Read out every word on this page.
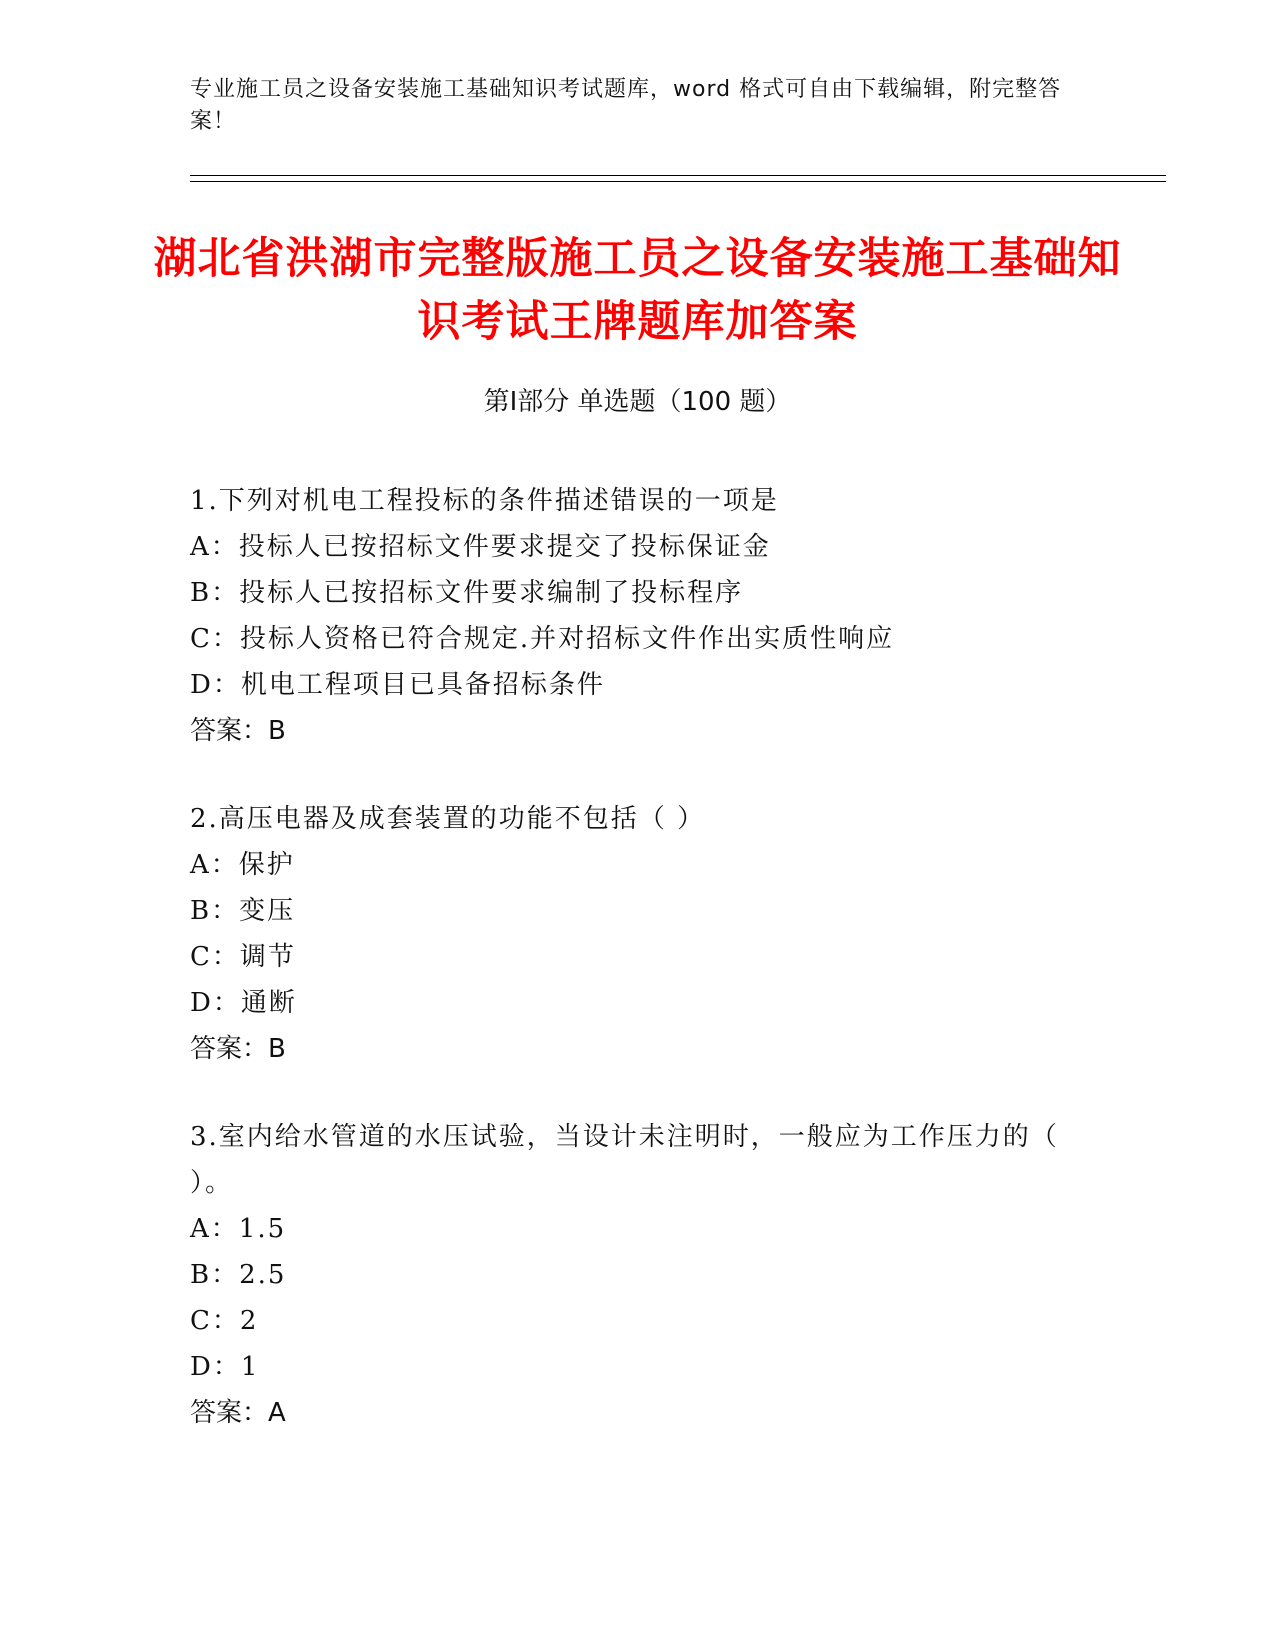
专业施工员之设备安装施工基础知识考试题库，word 格式可自由下载编辑，附完整答案！
湖北省洪湖市完整版施工员之设备安装施工基础知识考试王牌题库加答案
第Ⅰ部分 单选题（100 题）
1.下列对机电工程投标的条件描述错误的一项是
A：投标人已按招标文件要求提交了投标保证金
B：投标人已按招标文件要求编制了投标程序
C：投标人资格已符合规定.并对招标文件作出实质性响应
D：机电工程项目已具备招标条件
答案：B
2.高压电器及成套装置的功能不包括（ ）
A：保护
B：变压
C：调节
D：通断
答案：B
3.室内给水管道的水压试验，当设计未注明时，一般应为工作压力的（ ）。
A：1.5
B：2.5
C：2
D：1
答案：A
